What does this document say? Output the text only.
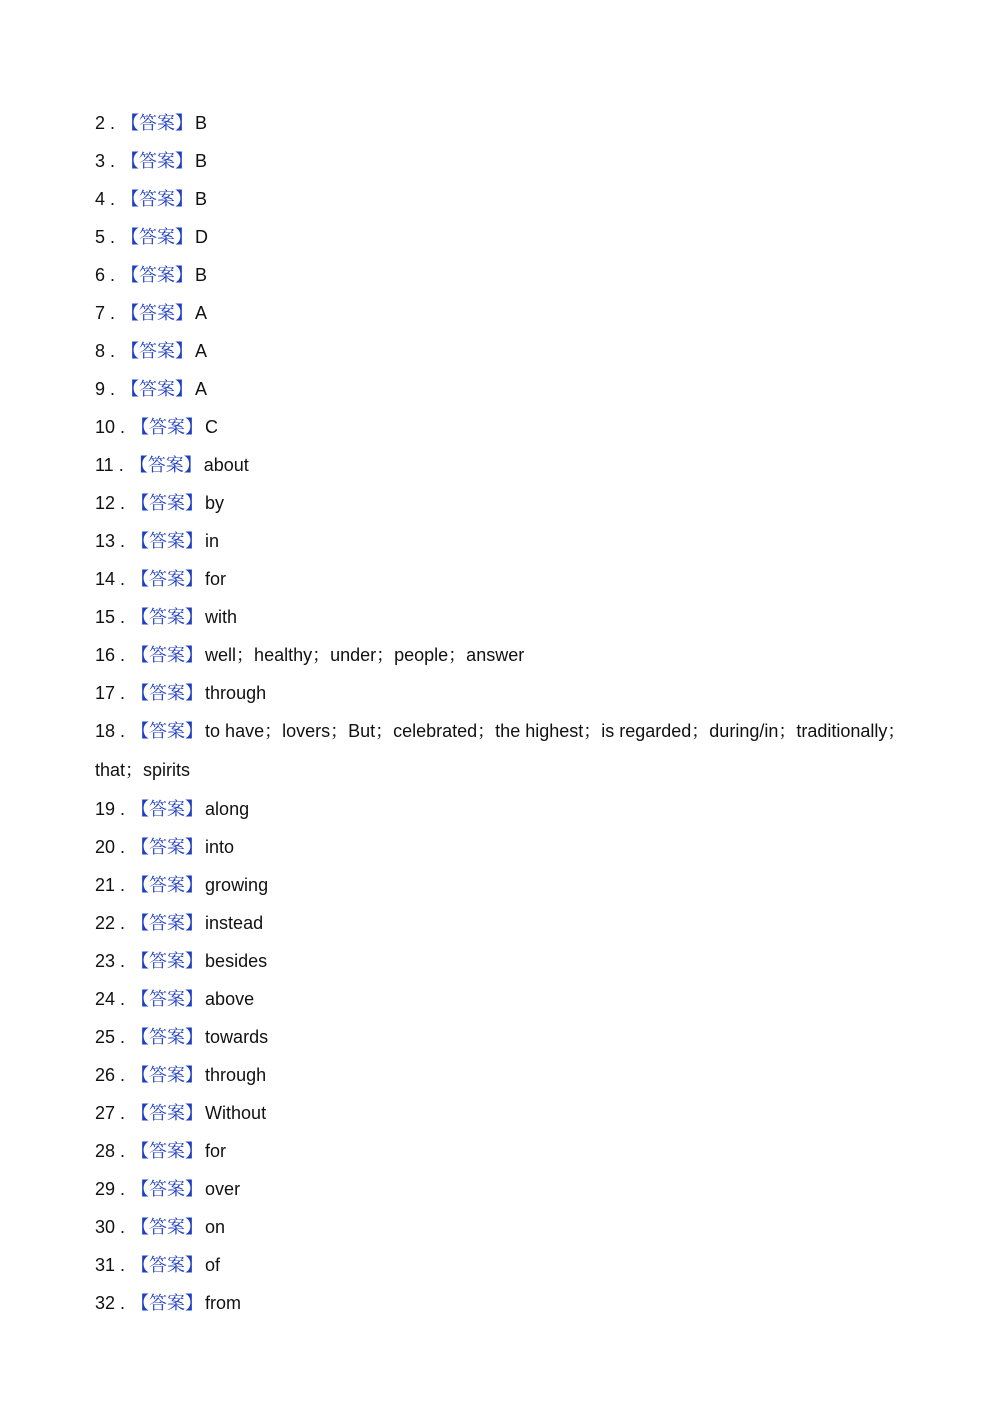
2 . 【答案】 B
3 . 【答案】 B
4 . 【答案】 B
5 . 【答案】 D
6 . 【答案】 B
7 . 【答案】 A
8 . 【答案】 A
9 . 【答案】 A
10 . 【答案】 C
11 . 【答案】 about
12 . 【答案】 by
13 . 【答案】 in
14 . 【答案】 for
15 . 【答案】 with
16 . 【答案】 well；healthy；under；people；answer
17 . 【答案】 through
18 . 【答案】 to have；lovers；But；celebrated；the highest；is regarded；during/in；traditionally；that；spirits
19 . 【答案】 along
20 . 【答案】 into
21 . 【答案】 growing
22 . 【答案】 instead
23 . 【答案】 besides
24 . 【答案】 above
25 . 【答案】 towards
26 . 【答案】 through
27 . 【答案】 Without
28 . 【答案】 for
29 . 【答案】 over
30 . 【答案】 on
31 . 【答案】 of
32 . 【答案】 from
